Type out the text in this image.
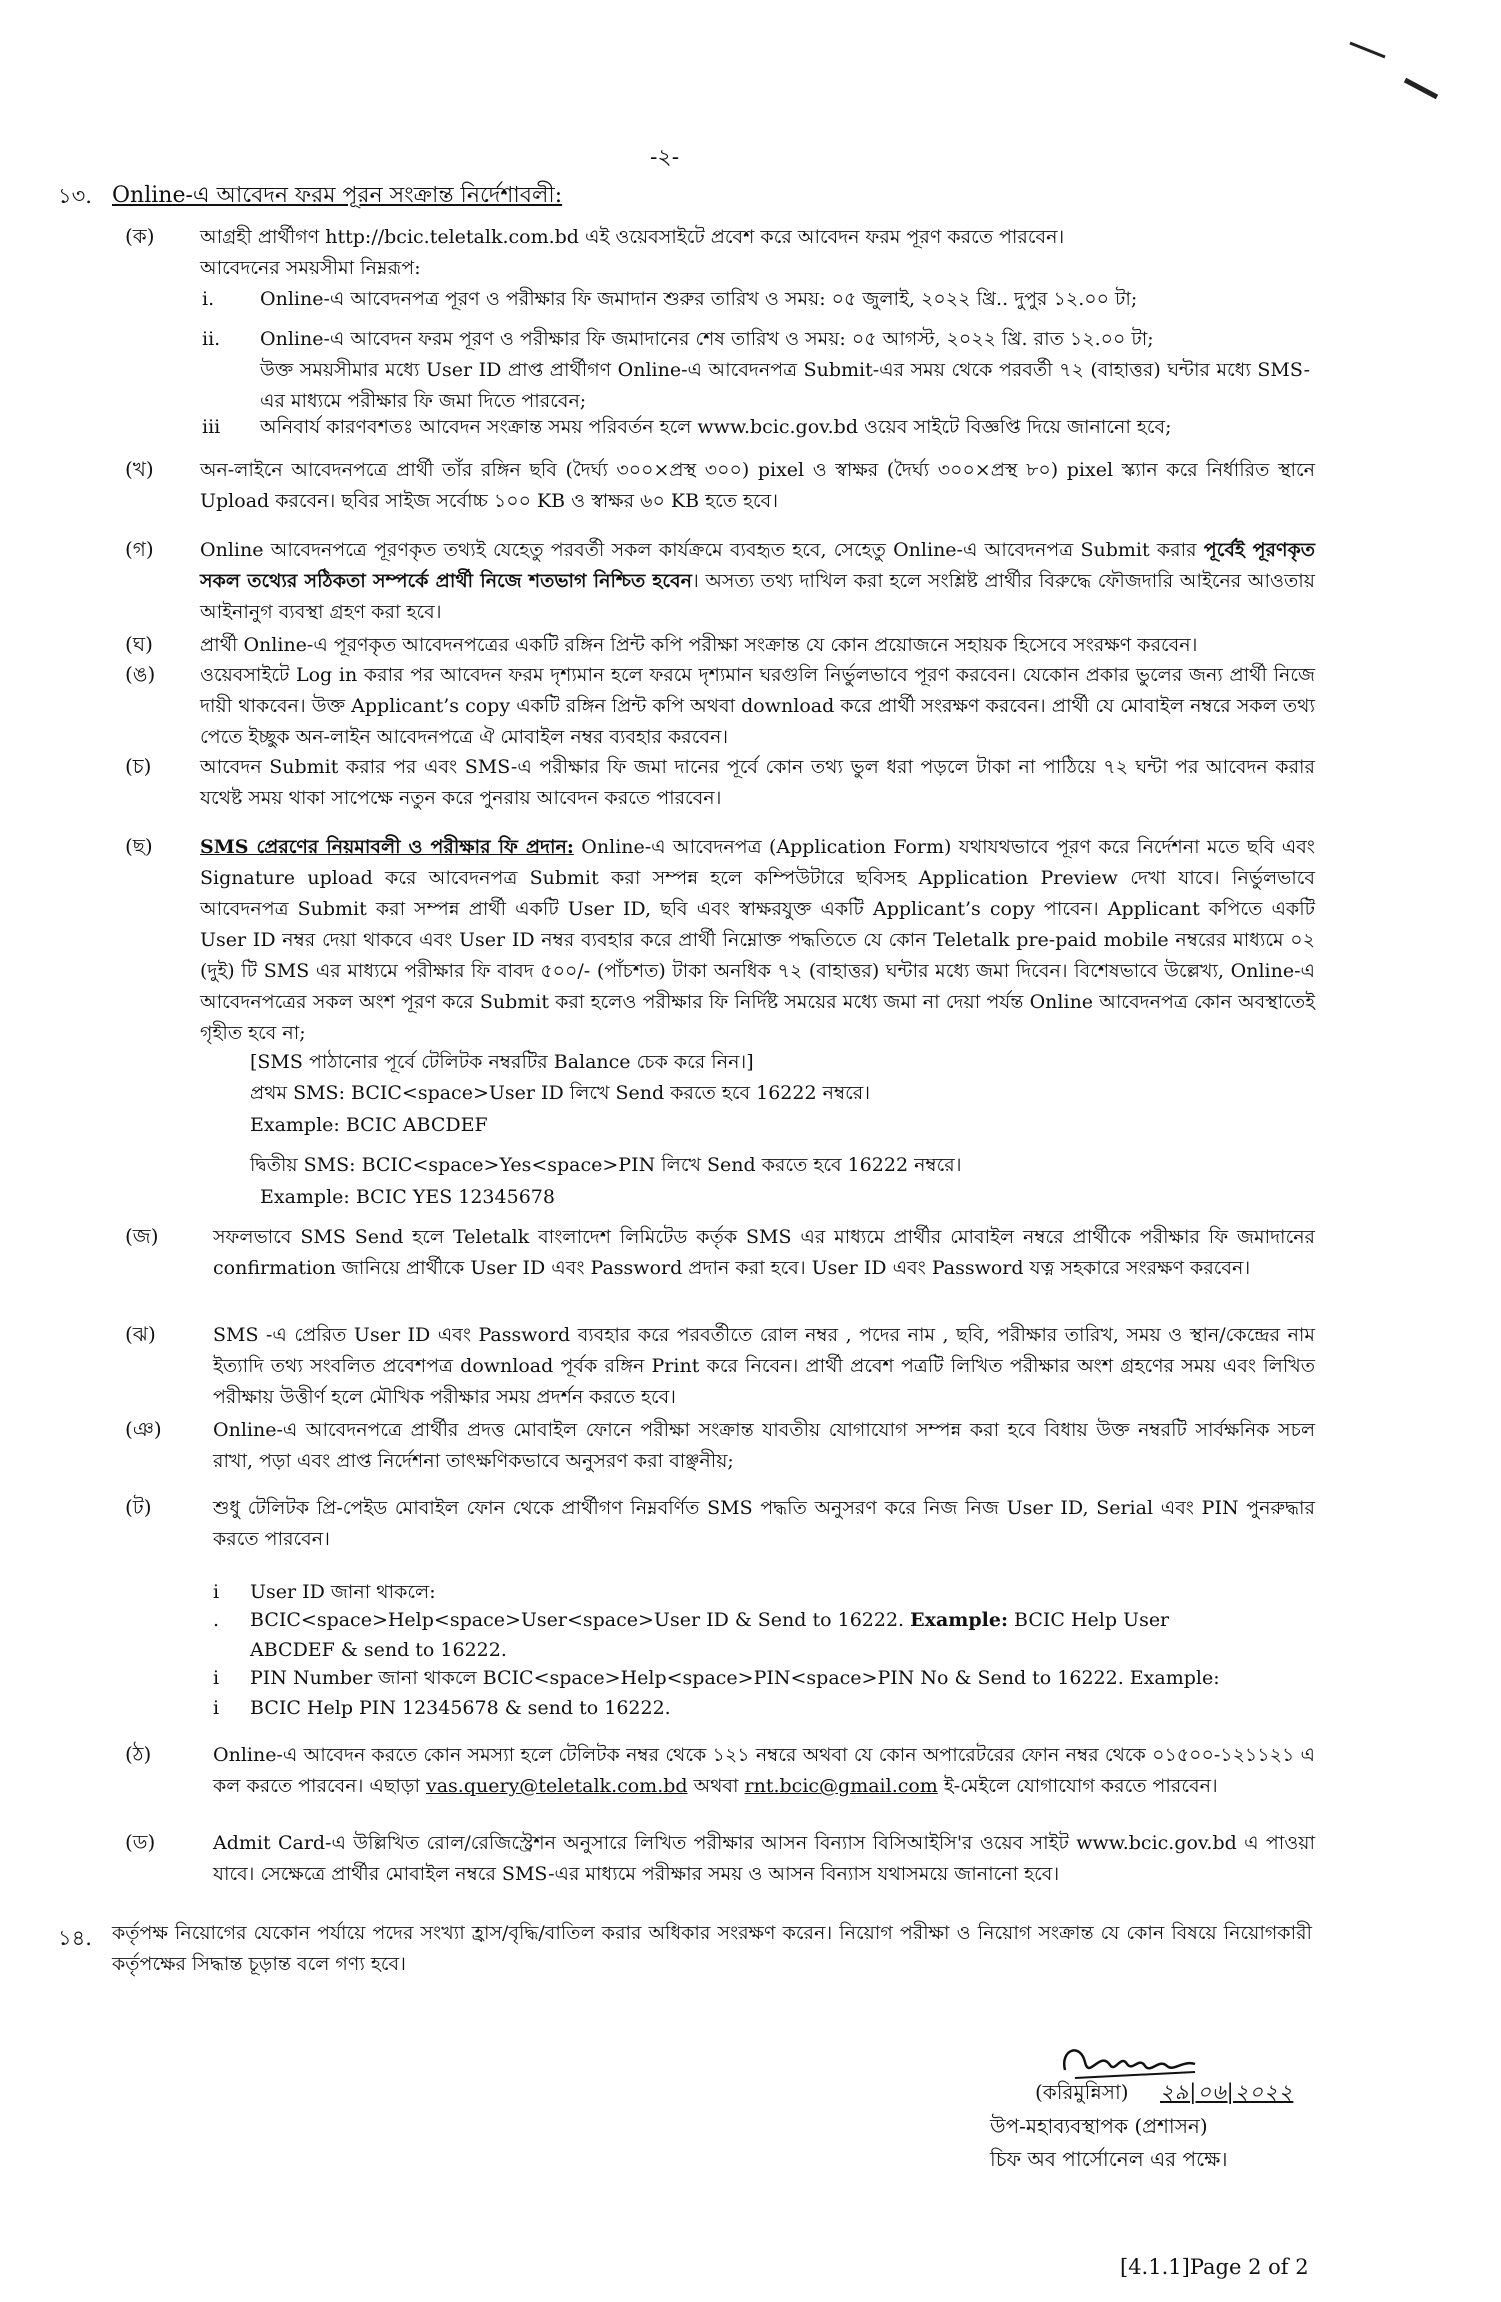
-২-
১৩. Online-এ আবেদন ফরম পূরন সংক্রান্ত নির্দেশাবলী:
(ক) আগ্রহী প্রার্থীগণ http://bcic.teletalk.com.bd এই ওয়েবসাইটে প্রবেশ করে আবেদন ফরম পূরণ করতে পারবেন।

আবেদনের সময়সীমা নিম্নরূপ:

i. Online-এ আবেদনপত্র পূরণ ও পরীক্ষার ফি জমাদান শুরুর তারিখ ও সময়: ০৫ জুলাই, ২০২২ খ্রি.. দুপুর ১২.০০ টা;
ii. Online-এ আবেদন ফরম পূরণ ও পরীক্ষার ফি জমাদানের শেষ তারিখ ও সময়: ০৫ আগস্ট, ২০২২ খ্রি. রাত ১২.০০ টা;
উক্ত সময়সীমার মধ্যে User ID প্রাপ্ত প্রার্থীগণ Online-এ আবেদনপত্র Submit-এর সময় থেকে পরবর্তী ৭২ (বাহাত্তর) ঘন্টার মধ্যে SMS-এর মাধ্যমে পরীক্ষার ফি জমা দিতে পারবেন;
iii অনিবার্য কারণবশতঃ আবেদন সংক্রান্ত সময় পরিবর্তন হলে www.bcic.gov.bd ওয়েব সাইটে বিজ্ঞপ্তি দিয়ে জানানো হবে;
(খ) অন-লাইনে আবেদনপত্রে প্রার্থী তাঁর রঙ্গিন ছবি (দৈর্ঘ্য ৩০০×প্রস্থ ৩০০) pixel ও স্বাক্ষর (দৈর্ঘ্য ৩০০×প্রস্থ ৮০) pixel স্ক্যান করে নির্ধারিত স্থানে Upload করবেন। ছবির সাইজ সর্বোচ্চ ১০০ KB ও স্বাক্ষর ৬০ KB হতে হবে।
(গ) Online আবেদনপত্রে পূরণকৃত তথ্যই যেহেতু পরবর্তী সকল কার্যক্রমে ব্যবহৃত হবে, সেহেতু Online-এ আবেদনপত্র Submit করার পূর্বেই পূরণকৃত সকল তথ্যের সঠিকতা সম্পর্কে প্রার্থী নিজে শতভাগ নিশ্চিত হবেন। অসত্য তথ্য দাখিল করা হলে সংশ্লিষ্ট প্রার্থীর বিরুদ্ধে ফৌজদারি আইনের আওতায় আইনানুগ ব্যবস্থা গ্রহণ করা হবে।
(ঘ) প্রার্থী Online-এ পূরণকৃত আবেদনপত্রের একটি রঙ্গিন প্রিন্ট কপি পরীক্ষা সংক্রান্ত যে কোন প্রয়োজনে সহায়ক হিসেবে সংরক্ষণ করবেন।
(ঙ) ওয়েবসাইটে Log in করার পর আবেদন ফরম দৃশ্যমান হলে ফরমে দৃশ্যমান ঘরগুলি নির্ভুলভাবে পূরণ করবেন। যেকোন প্রকার ভুলের জন্য প্রার্থী নিজে দায়ী থাকবেন। উক্ত Applicant’s copy একটি রঙ্গিন প্রিন্ট কপি অথবা download করে প্রার্থী সংরক্ষণ করবেন। প্রার্থী যে মোবাইল নম্বরে সকল তথ্য পেতে ইচ্ছুক অন-লাইন আবেদনপত্রে ঐ মোবাইল নম্বর ব্যবহার করবেন।
(চ)	আবেদন Submit করার পর এবং SMS-এ পরীক্ষার ফি জমা দানের পূর্বে কোন তথ্য ভুল ধরা পড়লে টাকা না পাঠিয়ে ৭২ ঘন্টা পর আবেদন করার যথেষ্ট সময় থাকা সাপেক্ষে নতুন করে পুনরায় আবেদন করতে পারবেন।
(ছ) SMS প্রেরণের নিয়মাবলী ও পরীক্ষার ফি প্রদান: Online-এ আবেদনপত্র (Application Form) যথাযথভাবে পূরণ করে নির্দেশনা মতে ছবি এবং Signature upload করে আবেদনপত্র Submit করা সম্পন্ন হলে কম্পিউটারে ছবিসহ Application Preview দেখা যাবে। নির্ভুলভাবে আবেদনপত্র Submit করা সম্পন্ন প্রার্থী একটি User ID, ছবি এবং স্বাক্ষরযুক্ত একটি Applicant’s copy পাবেন। Applicant কপিতে একটি User ID নম্বর দেয়া থাকবে এবং User ID নম্বর ব্যবহার করে প্রার্থী নিম্নোক্ত পদ্ধতিতে যে কোন Teletalk pre-paid mobile নম্বরের মাধ্যমে ০২ (দুই) টি SMS এর মাধ্যমে পরীক্ষার ফি বাবদ ৫০০/- (পাঁচশত) টাকা অনধিক ৭২ (বাহাত্তর) ঘন্টার মধ্যে জমা দিবেন। বিশেষভাবে উল্লেখ্য, Online-এ আবেদনপত্রের সকল অংশ পূরণ করে Submit করা হলেও পরীক্ষার ফি নির্দিষ্ট সময়ের মধ্যে জমা না দেয়া পর্যন্ত Online আবেদনপত্র কোন অবস্থাতেই গৃহীত হবে না;
[SMS পাঠানোর পূর্বে টেলিটক নম্বরটির Balance চেক করে নিন।]
প্রথম SMS: BCIC<space>User ID লিখে Send করতে হবে 16222 নম্বরে।
Example: BCIC ABCDEF
দ্বিতীয় SMS: BCIC<space>Yes<space>PIN লিখে Send করতে হবে 16222 নম্বরে।
Example: BCIC YES 12345678
(জ)	সফলভাবে SMS Send হলে Teletalk বাংলাদেশ লিমিটেড কর্তৃক SMS এর মাধ্যমে প্রার্থীর মোবাইল নম্বরে প্রার্থীকে পরীক্ষার ফি জমাদানের confirmation জানিয়ে প্রার্থীকে User ID এবং Password প্রদান করা হবে। User ID এবং Password যত্ন সহকারে সংরক্ষণ করবেন।
(ঝ)	SMS -এ প্রেরিত User ID এবং Password ব্যবহার করে পরবর্তীতে রোল নম্বর , পদের নাম , ছবি, পরীক্ষার তারিখ, সময় ও স্থান/কেন্দ্রের নাম ইত্যাদি তথ্য সংবলিত প্রবেশপত্র download পূর্বক রঙ্গিন Print করে নিবেন। প্রার্থী প্রবেশ পত্রটি লিখিত পরীক্ষার অংশ গ্রহণের সময় এবং লিখিত পরীক্ষায় উত্তীর্ণ হলে মৌখিক পরীক্ষার সময় প্রদর্শন করতে হবে।
(ঞ)	Online-এ আবেদনপত্রে প্রার্থীর প্রদত্ত মোবাইল ফোনে পরীক্ষা সংক্রান্ত যাবতীয় যোগাযোগ সম্পন্ন করা হবে বিধায় উক্ত নম্বরটি সার্বক্ষনিক সচল রাখা, পড়া এবং প্রাপ্ত নির্দেশনা তাৎক্ষণিকভাবে অনুসরণ করা বাঞ্ছনীয়;
(ট)	শুধু টেলিটক প্রি-পেইড মোবাইল ফোন থেকে প্রার্থীগণ নিম্নবর্ণিত SMS পদ্ধতি অনুসরণ করে নিজ নিজ User ID, Serial এবং PIN পুনরুদ্ধার করতে পারবেন।
i User ID জানা থাকলে:
. BCIC<space>Help<space>User<space>User ID & Send to 16222. Example: BCIC Help User
ABCDEF & send to 16222.
i PIN Number জানা থাকলে BCIC<space>Help<space>PIN<space>PIN No & Send to 16222. Example:
i BCIC Help PIN 12345678 & send to 16222.
(ঠ)	Online-এ আবেদন করতে কোন সমস্যা হলে টেলিটক নম্বর থেকে ১২১ নম্বরে অথবা যে কোন অপারেটরের ফোন নম্বর থেকে ০১৫০০-১২১১২১ এ কল করতে পারবেন। এছাড়া vas.query@teletalk.com.bd অথবা rnt.bcic@gmail.com ই-মেইলে যোগাযোগ করতে পারবেন।
(ড)	Admit Card-এ উল্লিখিত রোল/রেজিস্ট্রেশন অনুসারে লিখিত পরীক্ষার আসন বিন্যাস বিসিআইসি'র ওয়েব সাইট www.bcic.gov.bd এ পাওয়া যাবে। সেক্ষেত্রে প্রার্থীর মোবাইল নম্বরে SMS-এর মাধ্যমে পরীক্ষার সময় ও আসন বিন্যাস যথাসময়ে জানানো হবে।
১৪. কর্তৃপক্ষ নিয়োগের যেকোন পর্যায়ে পদের সংখ্যা হ্রাস/বৃদ্ধি/বাতিল করার অধিকার সংরক্ষণ করেন। নিয়োগ পরীক্ষা ও নিয়োগ সংক্রান্ত যে কোন বিষয়ে নিয়োগকারী কর্তৃপক্ষের সিদ্ধান্ত চূড়ান্ত বলে গণ্য হবে।
(করিমুন্নিসা) ২৯|০৬|২০২২
উপ-মহাব্যবস্থাপক (প্রশাসন)
চিফ অব পার্সোনেল এর পক্ষে।
[4.1.1]Page 2 of 2
